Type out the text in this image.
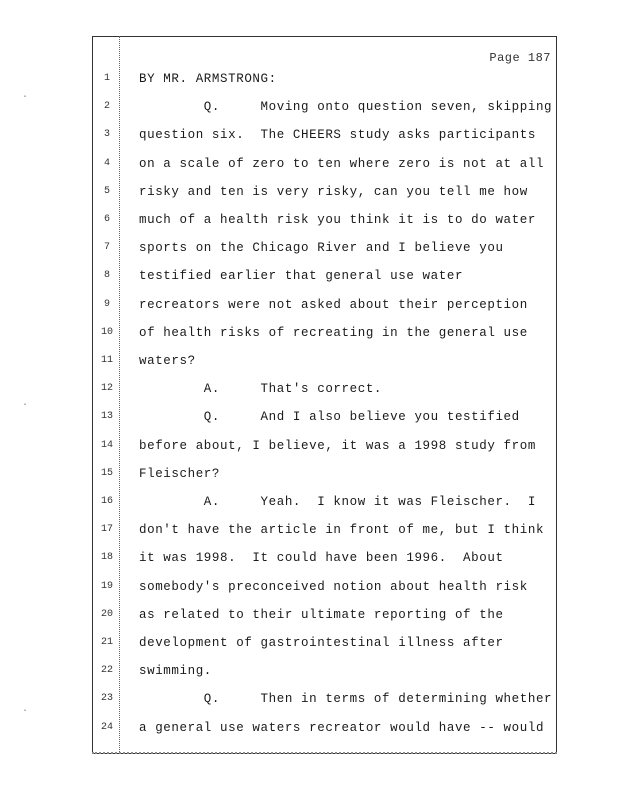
Page 187
1	BY MR. ARMSTRONG:
2	Q.     Moving onto question seven, skipping
3	question six.  The CHEERS study asks participants
4	on a scale of zero to ten where zero is not at all
5	risky and ten is very risky, can you tell me how
6	much of a health risk you think it is to do water
7	sports on the Chicago River and I believe you
8	testified earlier that general use water
9	recreators were not asked about their perception
10 of health risks of recreating in the general use
11 waters?
12 A.     That's correct.
13 Q.     And I also believe you testified
14 before about, I believe, it was a 1998 study from
15 Fleischer?
16 A.     Yeah.  I know it was Fleischer.  I
17 don't have the article in front of me, but I think
18 it was 1998.  It could have been 1996.  About
19 somebody's preconceived notion about health risk
20 as related to their ultimate reporting of the
21 development of gastrointestinal illness after
22 swimming.
23 Q.     Then in terms of determining whether
24 a general use waters recreator would have -- would
·
·
·
